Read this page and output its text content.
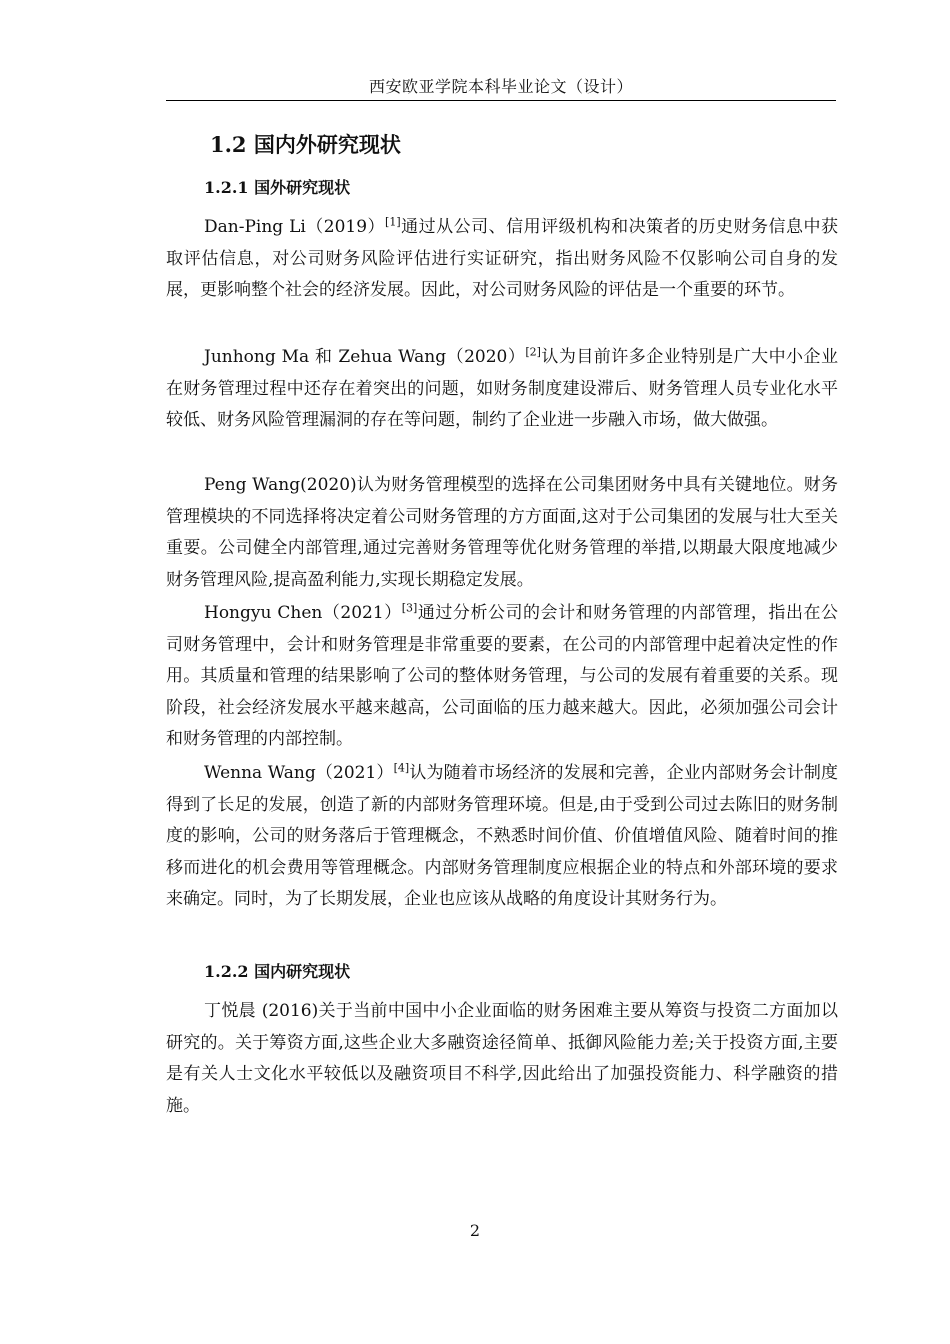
西安欧亚学院本科毕业论文（设计）
1.2 国内外研究现状
1.2.1 国外研究现状

Dan-Ping Li（2019）[1]通过从公司、信用评级机构和决策者的历史财务信息中获取评估信息，对公司财务风险评估进行实证研究，指出财务风险不仅影响公司自身的发展，更影响整个社会的经济发展。因此，对公司财务风险的评估是一个重要的环节。

Junhong Ma 和 Zehua Wang（2020）[2]认为目前许多企业特别是广大中小企业在财务管理过程中还存在着突出的问题，如财务制度建设滞后、财务管理人员专业化水平较低、财务风险管理漏洞的存在等问题，制约了企业进一步融入市场，做大做强。

Peng Wang(2020)认为财务管理模型的选择在公司集团财务中具有关键地位。财务管理模块的不同选择将决定着公司财务管理的方方面面,这对于公司集团的发展与壮大至关重要。公司健全内部管理,通过完善财务管理等优化财务管理的举措,以期最大限度地减少财务管理风险,提高盈利能力,实现长期稳定发展。

Hongyu Chen（2021）[3]通过分析公司的会计和财务管理的内部管理，指出在公司财务管理中，会计和财务管理是非常重要的要素，在公司的内部管理中起着决定性的作用。其质量和管理的结果影响了公司的整体财务管理，与公司的发展有着重要的关系。现阶段，社会经济发展水平越来越高，公司面临的压力越来越大。因此，必须加强公司会计和财务管理的内部控制。

Wenna Wang（2021）[4]认为随着市场经济的发展和完善，企业内部财务会计制度得到了长足的发展，创造了新的内部财务管理环境。但是,由于受到公司过去陈旧的财务制度的影响，公司的财务落后于管理概念，不熟悉时间价值、价值增值风险、随着时间的推移而进化的机会费用等管理概念。内部财务管理制度应根据企业的特点和外部环境的要求来确定。同时，为了长期发展，企业也应该从战略的角度设计其财务行为。

1.2.2 国内研究现状

丁悦晨 (2016)关于当前中国中小企业面临的财务困难主要从筹资与投资二方面加以研究的。关于筹资方面,这些企业大多融资途径简单、抵御风险能力差;关于投资方面,主要是有关人士文化水平较低以及融资项目不科学,因此给出了加强投资能力、科学融资的措施。

2
